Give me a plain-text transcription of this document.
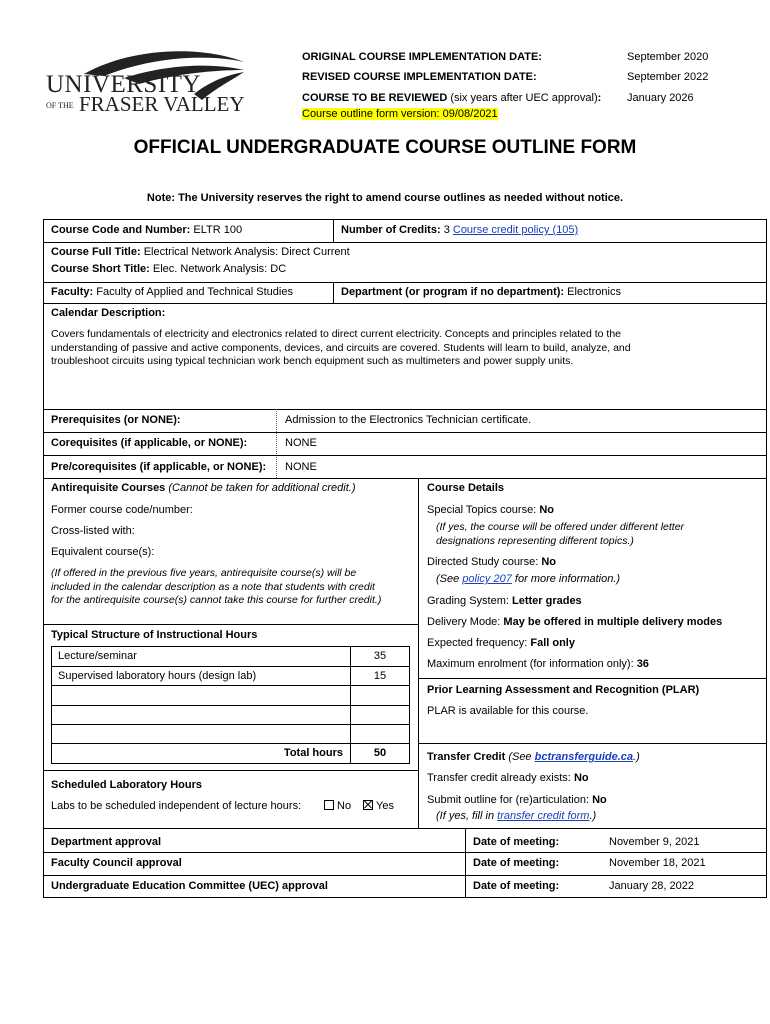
UNIVERSITY
OF THE FRASER VALLEY
ORIGINAL COURSE IMPLEMENTATION DATE:	September 2020
REVISED COURSE IMPLEMENTATION DATE:	September 2022
COURSE TO BE REVIEWED (six years after UEC approval): January 2026
Course outline form version: 09/08/2021
OFFICIAL UNDERGRADUATE COURSE OUTLINE FORM
Note: The University reserves the right to amend course outlines as needed without notice.
Course Code and Number: ELTR 100	Number of Credits: 3 Course credit policy (105)
Course Full Title: Electrical Network Analysis: Direct Current
Course Short Title: Elec. Network Analysis: DC
Faculty: Faculty of Applied and Technical Studies	Department (or program if no department): Electronics
Calendar Description:
Covers fundamentals of electricity and electronics related to direct current electricity. Concepts and principles related to the
understanding of passive and active components, devices, and circuits are covered. Students will learn to build, analyze, and
troubleshoot circuits using typical technician work bench equipment such as multimeters and power supply units.
Prerequisites (or NONE):	Admission to the Electronics Technician certificate.
Corequisites (if applicable, or NONE):	NONE
Pre/corequisites (if applicable, or NONE): NONE
Antirequisite Courses (Cannot be taken for additional credit.)
Former course code/number:
Cross-listed with:
Equivalent course(s):
(If offered in the previous five years, antirequisite course(s) will be
included in the calendar description as a note that students with credit
for the antirequisite course(s) cannot take this course for further credit.)
Typical Structure of Instructional Hours
Lecture/seminar	35
Supervised laboratory hours (design lab)	15
Total hours	50
Scheduled Laboratory Hours
Labs to be scheduled independent of lecture hours:	No	Yes
Course Details
Special Topics course: No
(If yes, the course will be offered under different letter
designations representing different topics.)
Directed Study course: No
(See policy 207 for more information.)
Grading System: Letter grades
Delivery Mode: May be offered in multiple delivery modes
Expected frequency: Fall only
Maximum enrolment (for information only): 36
Prior Learning Assessment and Recognition (PLAR)
PLAR is available for this course.
Transfer Credit (See bctransferguide.ca.)
Transfer credit already exists: No
Submit outline for (re)articulation: No
(If yes, fill in transfer credit form.)
Department approval	Date of meeting:	November 9, 2021
Faculty Council approval	Date of meeting:	November 18, 2021
Undergraduate Education Committee (UEC) approval	Date of meeting:	January 28, 2022
